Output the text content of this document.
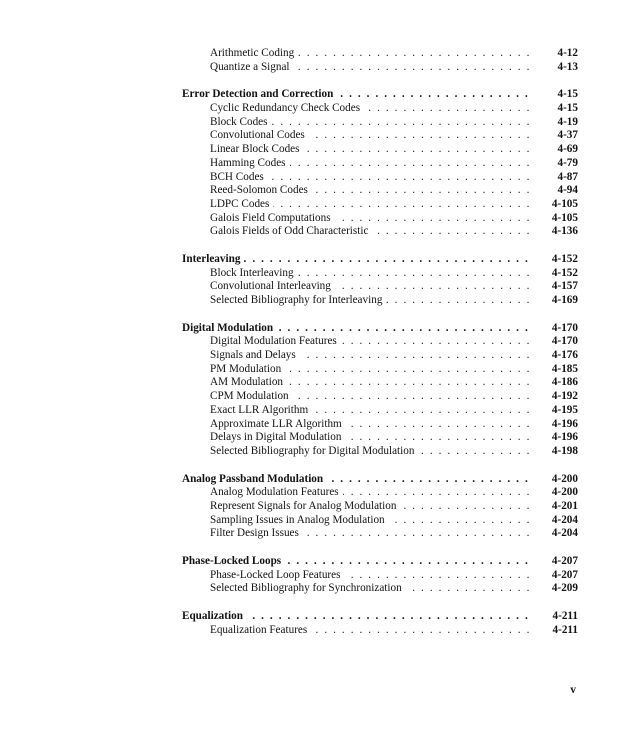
Arithmetic Coding . . .	4-12
Quantize a Signal . . .	4-13
Error Detection and Correction . . .	4-15
Cyclic Redundancy Check Codes . . .	4-15
Block Codes . . .	4-19
Convolutional Codes . . .	4-37
Linear Block Codes . . .	4-69
Hamming Codes . . .	4-79
BCH Codes . . .	4-87
Reed-Solomon Codes . . .	4-94
LDPC Codes . . .	4-105
Galois Field Computations . . .	4-105
Galois Fields of Odd Characteristic . . .	4-136
Interleaving . . .	4-152
Block Interleaving . . .	4-152
Convolutional Interleaving . . .	4-157
Selected Bibliography for Interleaving . . .	4-169
Digital Modulation . . .	4-170
Digital Modulation Features . . .	4-170
Signals and Delays . . .	4-176
PM Modulation . . .	4-185
AM Modulation . . .	4-186
CPM Modulation . . .	4-192
Exact LLR Algorithm . . .	4-195
Approximate LLR Algorithm . . .	4-196
Delays in Digital Modulation . . .	4-196
Selected Bibliography for Digital Modulation . . .	4-198
Analog Passband Modulation . . .	4-200
Analog Modulation Features . . .	4-200
Represent Signals for Analog Modulation . . .	4-201
Sampling Issues in Analog Modulation . . .	4-204
Filter Design Issues . . .	4-204
Phase-Locked Loops . . .	4-207
Phase-Locked Loop Features . . .	4-207
Selected Bibliography for Synchronization . . .	4-209
Equalization . . .	4-211
Equalization Features . . .	4-211
v
